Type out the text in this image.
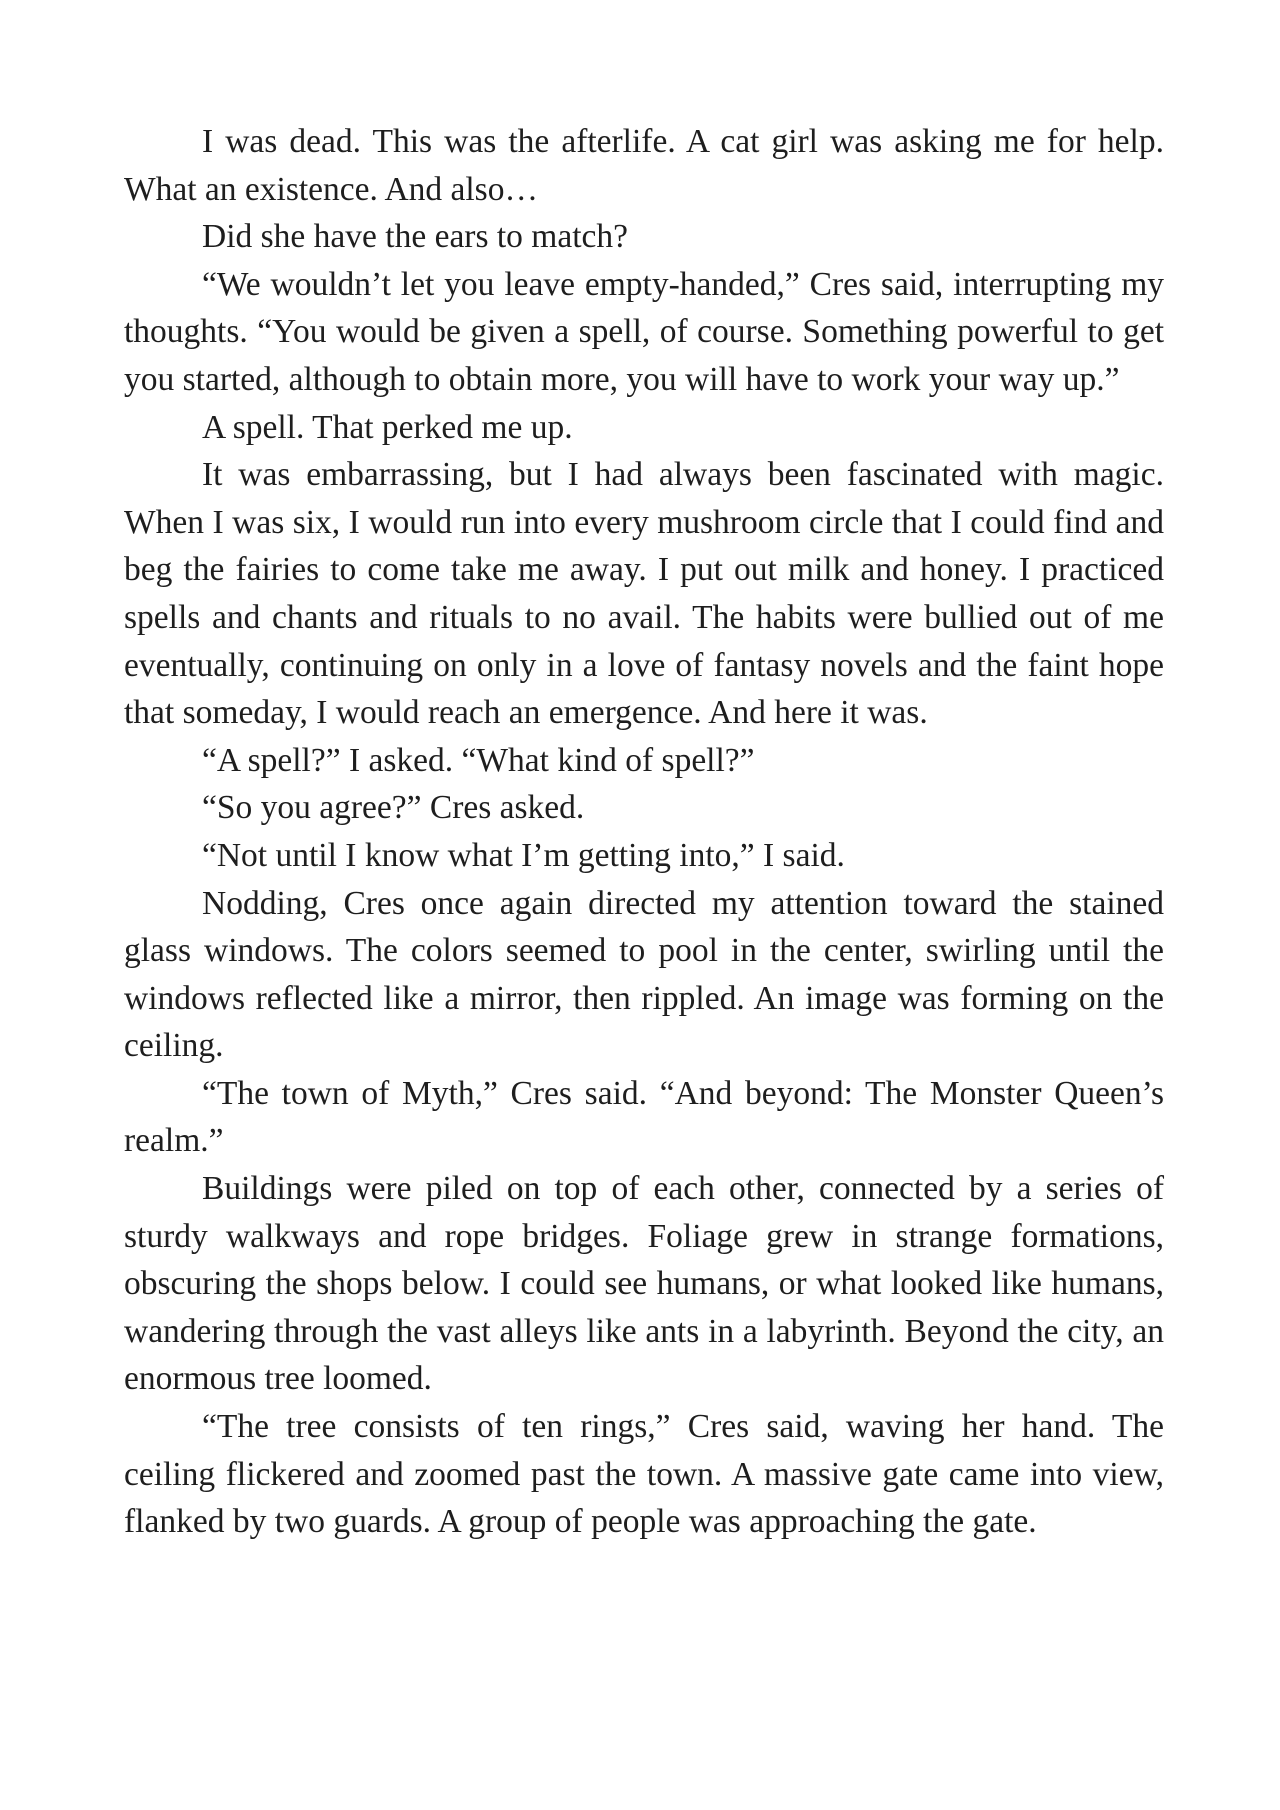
I was dead. This was the afterlife. A cat girl was asking me for help. What an existence. And also…

Did she have the ears to match?

“We wouldn’t let you leave empty-handed,” Cres said, interrupting my thoughts. “You would be given a spell, of course. Something powerful to get you started, although to obtain more, you will have to work your way up.”

A spell. That perked me up.

It was embarrassing, but I had always been fascinated with magic. When I was six, I would run into every mushroom circle that I could find and beg the fairies to come take me away. I put out milk and honey. I practiced spells and chants and rituals to no avail. The habits were bullied out of me eventually, continuing on only in a love of fantasy novels and the faint hope that someday, I would reach an emergence. And here it was.

“A spell?” I asked. “What kind of spell?”

“So you agree?” Cres asked.

“Not until I know what I’m getting into,” I said.

Nodding, Cres once again directed my attention toward the stained glass windows. The colors seemed to pool in the center, swirling until the windows reflected like a mirror, then rippled. An image was forming on the ceiling.

“The town of Myth,” Cres said. “And beyond: The Monster Queen’s realm.”

Buildings were piled on top of each other, connected by a series of sturdy walkways and rope bridges. Foliage grew in strange formations, obscuring the shops below. I could see humans, or what looked like humans, wandering through the vast alleys like ants in a labyrinth. Beyond the city, an enormous tree loomed.

“The tree consists of ten rings,” Cres said, waving her hand. The ceiling flickered and zoomed past the town. A massive gate came into view, flanked by two guards. A group of people was approaching the gate.
